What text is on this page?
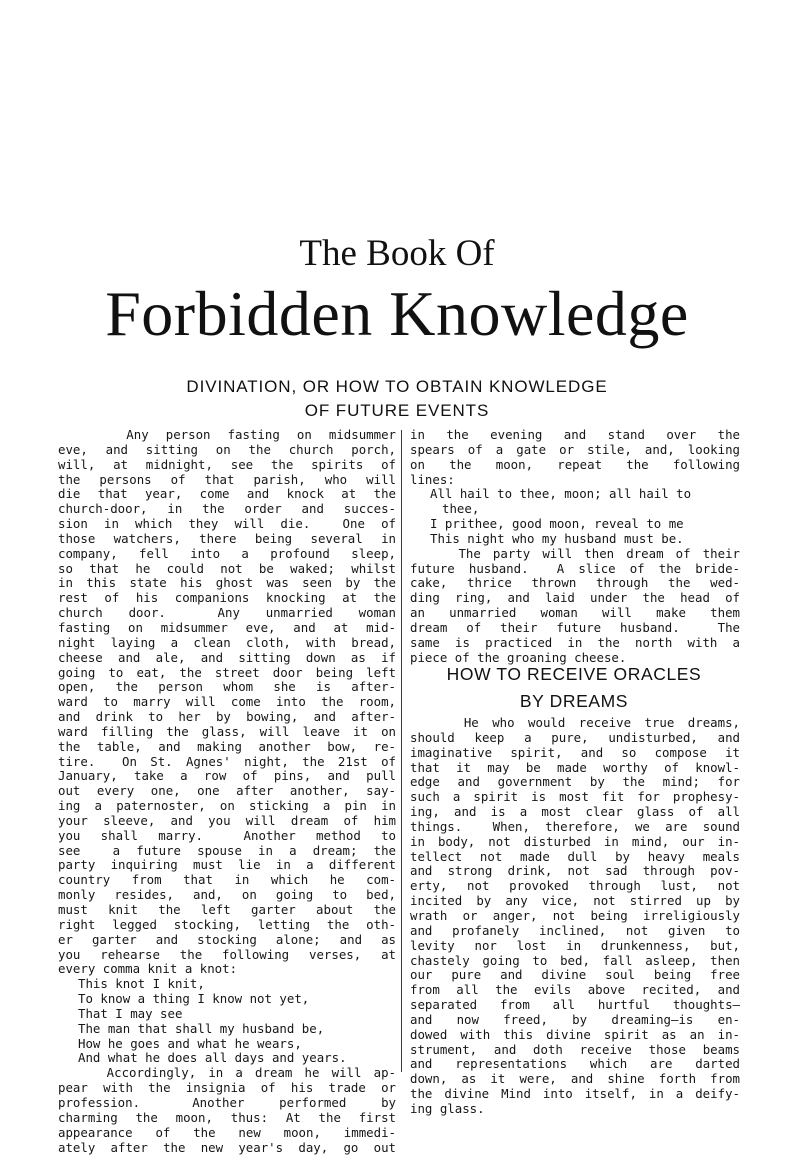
The Book Of
Forbidden Knowledge
DIVINATION, OR HOW TO OBTAIN KNOWLEDGE
OF FUTURE EVENTS
Any person fasting on midsummer
eve, and sitting on the church porch,
will, at midnight, see the spirits of
the persons of that parish, who will
die that year, come and knock at the
church-door, in the order and succes-
sion in which they will die.  One of
those watchers, there being several in
company, fell into a profound sleep,
so that he could not be waked; whilst
in this state his ghost was seen by the
rest of his companions knocking at the
church door.  Any unmarried woman
fasting on midsummer eve, and at mid-
night laying a clean cloth, with bread,
cheese and ale, and sitting down as if
going to eat, the street door being left
open, the person whom she is after-
ward to marry will come into the room,
and drink to her by bowing, and after-
ward filling the glass, will leave it on
the table, and making another bow, re-
tire.  On St. Agnes' night, the 21st of
January, take a row of pins, and pull
out every one, one after another, say-
ing a paternoster, on sticking a pin in
your sleeve, and you will dream of him
you shall marry.  Another method to
see  a future spouse in a dream; the
party inquiring must lie in a different
country from that in which he com-
monly resides, and, on going to bed,
must knit the left garter about the
right legged stocking, letting the oth-
er garter and stocking alone; and as
you rehearse the following verses, at
every comma knit a knot:
This knot I knit,
To know a thing I know not yet,
That I may see
The man that shall my husband be,
How he goes and what he wears,
And what he does all days and years.
Accordingly, in a dream he will ap-
pear with the insignia of his trade or
profession.   Another  performed  by
charming the moon, thus: At the first
appearance of the new moon, immedi-
ately after the new year's day, go out
in the evening and stand over the
spears of a gate or stile, and, looking
on the moon, repeat the following
lines:
All hail to thee, moon; all hail to
thee,
I prithee, good moon, reveal to me
This night who my husband must be.
The party will then dream of their
future husband.  A slice of the bride-
cake, thrice thrown through the wed-
ding ring, and laid under the head of
an unmarried woman will make them
dream of their future husband.  The
same is practiced in the north with a
piece of the groaning cheese.
HOW TO RECEIVE ORACLES
BY DREAMS
He who would receive true dreams,
should keep a pure, undisturbed, and
imaginative spirit, and so compose it
that it may be made worthy of knowl-
edge and government by the mind; for
such a spirit is most fit for prophesy-
ing, and is a most clear glass of all
things.  When, therefore, we are sound
in body, not disturbed in mind, our in-
tellect not made dull by heavy meals
and strong drink, not sad through pov-
erty, not provoked through lust, not
incited by any vice, not stirred up by
wrath or anger, not being irreligiously
and profanely inclined, not given to
levity nor lost in drunkenness, but,
chastely going to bed, fall asleep, then
our pure and divine soul being free
from all the evils above recited, and
separated from all hurtful thoughts—
and now freed, by dreaming—is en-
dowed with this divine spirit as an in-
strument, and doth receive those beams
and representations which are darted
down, as it were, and shine forth from
the divine Mind into itself, in a deify-
ing glass.
